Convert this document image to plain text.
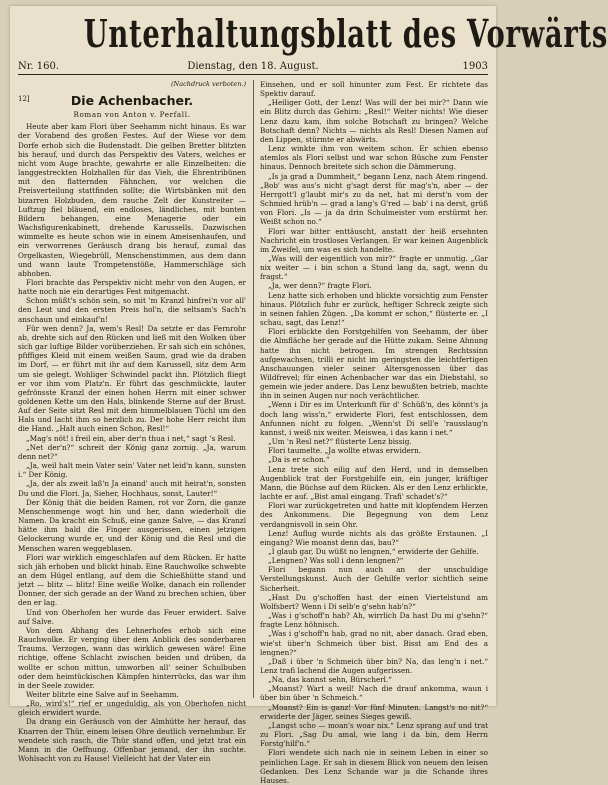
Unterhaltungsblatt des Vorwärts
Nr. 160.	Dienstag, den 18. August.	1903
(Nachdruck verboten.)
12]	Die Achenbacher.
Roman von Anton v. Perfall.

Heute aber kam Flori über Seehamm nicht hinaus. Es war der Vorabend des großen Festes. Auf der Wiese vor dem Dorfe erhob sich die Budenstadt. Die gelben Bretter blitzten bis herauf, und durch das Perspektiv des Vaters, welches er nicht vom Auge brachte, gewahrte er alle Einzelheiten: die langgestreckten Holzhallen für das Vieh, die Ehrentribünen mit den flatternden Fähnchen, vor welchen die Preisverteilung stattfinden sollte; die Wirtsbänken mit den bizarren Holzbuden, dem rauche Zelt der Kunstreiter — Luftzug fiel bläuend, ein endloses, ländliches, mit bunten Bildern behangen, eine Menagerie oder ein Wachsfigurenkabinett, drehende Karussells. Dazwischen wimmelte es heute schon wie in einem Ameisenhaufen, und ein verworrenes Geräusch drang bis herauf, zumal das Orgelkasten, Wiegebrüll, Menschenstimmen, aus dem dann und wann laute Trompetenstöße, Hammerschläge sich abhoben.

Flori brachte das Perspektiv nicht mehr von den Augen, er hatte noch nie ein derartiges Fest mitgemacht.

Schon müßt's schön sein, so mit 'm Kranzl hinfrei'n vor all' den Leut und den ersten Preis hol'n, die seltsam's Sach'n anschaun und einkauf'n!

Für wen denn? Ja, wem's Resl! Da setzte er das Fernrohr ab, drehte sich auf den Rücken und ließ mit den Wolken über sich gar luftige Bilder vorüberziehen. Er sah sich ein schönes, pfiffiges Kleid mit einem weißen Saum, grad wie da draben im Dorf, — er führt mit ihr auf dem Karussell, sitz dem Arm um sie gelegt. Wohliger Schwindel packt ihn. Plötzlich fliegt er vor ihm vom Platz'n. Er führt das geschmückte, lauter gefrönsste Kranzl der einen hohen Herrn mit einer schwer goldenen Kette um den Hals, blinkende Sterne auf der Brust. Auf der Seite sitzt Resl mit dem himmelblauen Tüchl um den Hals und lacht ihm so herzlich zu. Der hohe Herr reicht ihm die Hand. „Halt auch einen Schon, Resl!“

„Mag's nöt! i freil ein, aber der'n thua i net,“ sagt 's Resl.

„Net der'n?“ schreit der König ganz zornig. „Ja, warum denn net?“

„Ja, weil halt mein Vater sein' Vater net leid'n kann, sunsten i.“ Der König.

„Ja, der als zweit laß'n Ja einand' auch mit heirat'n, sonsten Du und die Flori. Ja, Sieher, Hochhaus, sonst, Lauter!“

Der König thät die beiden Ramen, rot vor Zorn, die ganze Menschenmenge wogt hin und her, dann wiederholt die Namen. Da kracht ein Schuß, eine ganze Salve, — das Kranzl hätte ihm bald die Finger ausgerissen, einen jetzigen Gelockerung wurde er, und der König und die Resl und die Menschen waren weggeblasen.

Flori war wirklich eingeschlafen auf dem Rücken. Er hatte sich jäh erhoben und blickt hinab. Eine Rauchwolke schwebte an dem Hügel entlang, auf dem die Schießhütte stand und jetzt — blitz — blitz! Eine weiße Wolke, danach ein rollender Donner, der sich gerade an der Wand zu brechen schien, über den er lag.

Und von Oberhofen her wurde das Feuer erwidert. Salve auf Salve.

Von dem Abhang des Lehnerhofes erhob sich eine Rauchwolke. Er verging über dem Anblick des sonderbaren Traums. Verzogen, wann das wirklich gewesen wäre! Eine richtige, offene Schlacht zwischen beiden und drüben, da wollte er schon mittun, umworben all' seiner Schulbuben oder dem heimtückischen Kämpfen hinterrücks, das war ihm in der Seele zuwider.

Weiter blitzte eine Salve auf in Seehamm.

„Ro, wird's!“ rief er ungeduldig, als von Oberhofen nicht gleich erwidert wurde.

Da drang ein Geräusch von der Almhütte her herauf, das Knarren der Thür, einem leisen Ohre deutlich vernehmbar. Er wendete sich rasch, die Thür stand offen, und jetzt trat ein Mann in die Oeffnung. Offenbar jemand, der ihn suchte. Wohlsacht von zu Hause! Vielleicht hat der Vater ein

Einsehen, und er soll hinunter zum Fest. Er richtete das Spektiv darauf.

„Heiliger Gott, der Lenz! Was will der bei mir?“ Dann wie ein Blitz durch das Gehirn: „Resl!“ Weiter nichts! Wie dieser Lenz dazu kam, ihm solche Botschaft zu bringen? Welche Botschaft denn? Nichts — nichts als Resl! Diesen Namen auf den Lippen, stürmte er abwärts.

Lenz winkte ihm von weitem schon. Er schien ebenso atemlos als Flori selbst und war schon Büsche zum Fenster hinaus. Dennoch breitete sich schon die Dämmerung.

„Is ja grad a Dummheit,“ begann Lenz, nach Atem ringend. „Bob' was aus's nicht g'sagt derst für mag's'n, aber — der Herrgott'l g'laubt mir's zu da net, hat mi derst'n vom der Schmied hrüb'n — grad a lang's G'red — bab' i na derst, grüß von Flori. „Is — ja da drin Schulmeister vom erstürmt her. Weißt schon no.“

Flori war bitter enttäuscht, anstatt der heiß ersehnten Nachricht ein trostloses Verlangen. Er war keinen Augenblick im Zweifel, um was es sich handelte.

„Was will der eigentlich von mir?“ fragte er unmutig. „Gar nix weiter — i bin schon a Stund lang da, sagt, wenn du fragst.“

„Ja, wer denn?“ fragte Flori.

Lenz hatte sich erhoben und blickte vorsichtig zum Fenster hinaus. Plötzlich fuhr er zurück, heftiger Schreck zeigte sich in seinen fahlen Zügen. „Da kommt er schon,“ flüsterte er. „I schau, sagt, das Lenz!“

Flori erblickte den Forstgehilfen von Seehamm, der über die Almfläche her gerade auf die Hütte zukam. Seine Ahnung hatte ihn nicht betrogen. Im strengen Rechtssinn aufgewachsen, trilli er nicht im geringsten die leichtfertigen Anschauungen vieler seiner Altersgenossen über das Wildfrevel; für einen Achenbacher war das ein Diebstahl, so gemein wie jeder andere. Das Lenz bewußten betrieb, machte ihn in seinen Augen nur noch verächtlicher.

„Wenn i Dir es im Unterkunft für d' Schüß'n, des könnt's ja doch lang wiss'n,“ erwiderte Flori, fest entschlossen, dem Anfunnen nicht zu folgen. „Wenn'st Di sell'e 'rausslaug'n kannst, i weiß nix weiter. Meiswea, i das kann i net.“

„Um 'n Resl net?“ flüsterte Lenz bissig.

Flori taumelte. „Ja wollte etwas erwidern.

„Da is er schon.“

Lenz trete sich eilig auf den Herd, und in demselben Augenblick trat der Forstgehilfe ein, ein junger, kräftiger Mann, die Büchse auf dem Rücken. Als er den Lenz erblickte, lachte er auf. „Bist amal eingang. Trafi' schadet's?“

Flori war zurückgetreten und hatte mit klopfendem Herzen des Ankommens. Die Begegnung von dem Lenz verdangnisvoll in sein Ohr.

Lenz! Auflug wurde nichts als das größte Erstaunen. „I eingang? Wie moanst denn das, bau?“

„I glaub gar, Du wüßt no lengnen,“ erwiderte der Gehilfe.

„Lengnen? Was soll i denn lengnen?“

Flori begann nun auch an der unschuldige Verstellungskunst. Auch der Gehilfe verlor sichtlich seine Sicherheit.

„Hast Du g'schoffen hast der einen Viertelstund am Wolfsbert? Wenn i Di selb'e g'sehn hab'n?“

„Was i g'schoff'n hab? Ah, wirrlich Da hast Du mi g'sehn?“ fragte Lenz höhnisch.

„Was i g'schoff'n hab, grad no nit, aber danach. Grad eben, wie'st über'n Schmeich über bist. Bisst am End des a lengnen?“

„Daß i über 'n Schmeich über bin? Na, das leng'n i net.“ Lenz trafi lachend die Augen aufgerissen.

„Na, das kannst sehn, Bürscherl.“

„Moanst? Wart a weil! Nach die drauf ankomma, waun i über bin über 'n Schmeich.“

„Moanst? Ein is ganz! Vor fünf Minuten. Langst's no nit?“ erwiderte der Jäger, seines Sieges gewiß.

„Langst scho — moan's woar nix.“ Lenz sprang auf und trat zu Flori. „Sag Du amal, wie lang i da bin, dem Herrn Forstg'hilf'n.“

Flori wendete sich nach nie in seinem Leben in einer so peinlichen Lage. Er sah in diesem Blick von neuem den leisen Gedanken. Des Lenz Schande war ja die Schande ihres Hauses.
